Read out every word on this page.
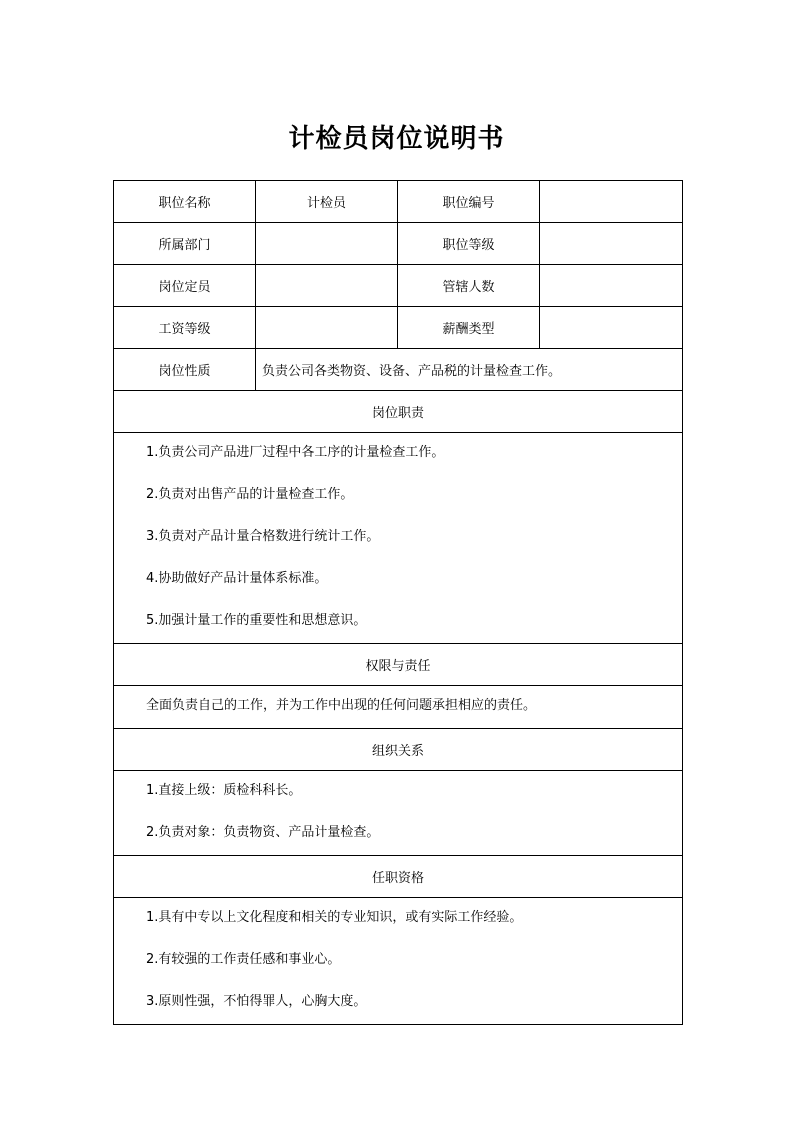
计检员岗位说明书
职位名称	计检员	职位编号	
所属部门		职位等级	
岗位定员		管辖人数	
工资等级		薪酬类型	
岗位性质	负责公司各类物资、设备、产品税的计量检查工作。		
岗位职责			

1.负责公司产品进厂过程中各工序的计量检查工作。
2.负责对出售产品的计量检查工作。
3.负责对产品计量合格数进行统计工作。
4.协助做好产品计量体系标准。
5.加强计量工作的重要性和思想意识。			

权限与责任			

全面负责自己的工作，并为工作中出现的任何问题承担相应的责任。			

组织关系			

1.直接上级：质检科科长。
2.负责对象：负责物资、产品计量检查。			

任职资格			

1.具有中专以上文化程度和相关的专业知识，或有实际工作经验。
2.有较强的工作责任感和事业心。
3.原则性强，不怕得罪人，心胸大度。			
